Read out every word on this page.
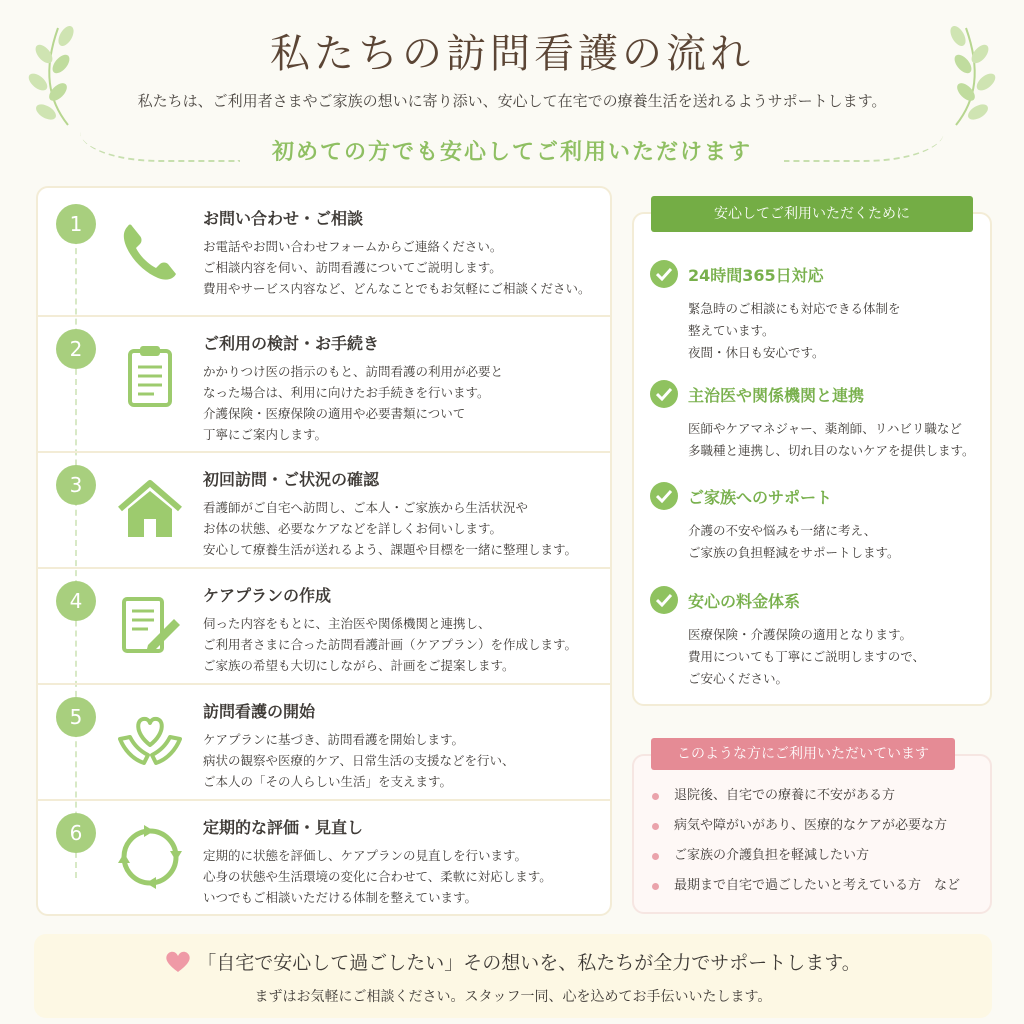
私たちの訪問看護の流れ

私たちは、ご利用者さまやご家族の想いに寄り添い、安心して在宅での療養生活を送れるようサポートします。

初めての方でも安心してご利用いただけます
1	お問い合わせ・ご相談
お電話やお問い合わせフォームからご連絡ください。
ご相談内容を伺い、訪問看護についてご説明します。
費用やサービス内容など、どんなことでもお気軽にご相談ください。
2	ご利用の検討・お手続き
かかりつけ医の指示のもと、訪問看護の利用が必要と
なった場合は、利用に向けたお手続きを行います。
介護保険・医療保険の適用や必要書類について
丁寧にご案内します。
3	初回訪問・ご状況の確認
看護師がご自宅へ訪問し、ご本人・ご家族から生活状況や
お体の状態、必要なケアなどを詳しくお伺いします。
安心して療養生活が送れるよう、課題や目標を一緒に整理します。
4	ケアプランの作成
伺った内容をもとに、主治医や関係機関と連携し、
ご利用者さまに合った訪問看護計画（ケアプラン）を作成します。
ご家族の希望も大切にしながら、計画をご提案します。
5	訪問看護の開始
ケアプランに基づき、訪問看護を開始します。
病状の観察や医療的ケア、日常生活の支援などを行い、
ご本人の「その人らしい生活」を支えます。
6	定期的な評価・見直し
定期的に状態を評価し、ケアプランの見直しを行います。
心身の状態や生活環境の変化に合わせて、柔軟に対応します。
いつでもご相談いただける体制を整えています。
安心してご利用いただくために
24時間365日対応
緊急時のご相談にも対応できる体制を
整えています。
夜間・休日も安心です。
主治医や関係機関と連携
医師やケアマネジャー、薬剤師、リハビリ職など
多職種と連携し、切れ目のないケアを提供します。
ご家族へのサポート
介護の不安や悩みも一緒に考え、
ご家族の負担軽減をサポートします。
安心の料金体系
医療保険・介護保険の適用となります。
費用についても丁寧にご説明しますので、
ご安心ください。
このような方にご利用いただいています
退院後、自宅での療養に不安がある方
病気や障がいがあり、医療的なケアが必要な方
ご家族の介護負担を軽減したい方
最期まで自宅で過ごしたいと考えている方　など
「自宅で安心して過ごしたい」その想いを、私たちが全力でサポートします。
まずはお気軽にご相談ください。スタッフ一同、心を込めてお手伝いいたします。
